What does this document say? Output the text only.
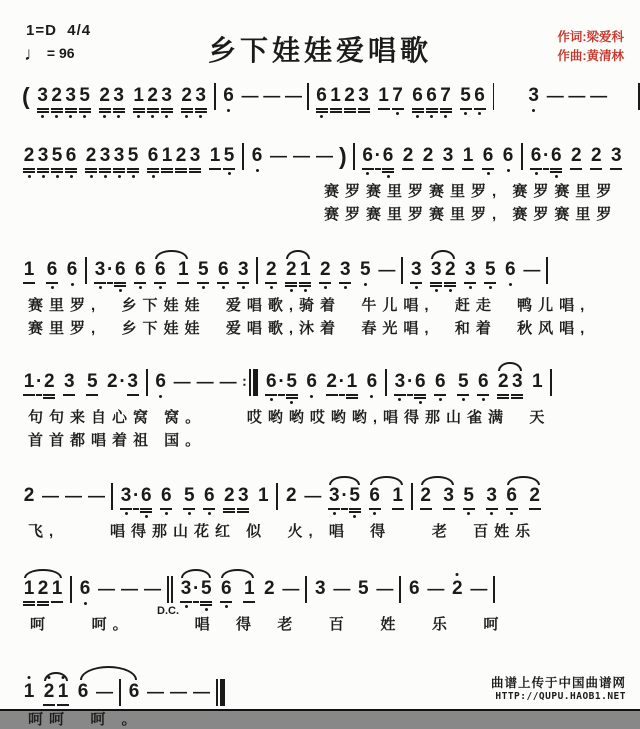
乡下娃娃爱唱歌
1=D 4/4
♩ = 96
作词:梁爱科
作曲:黄清林
( 3 2 3 5 2 3 1 2 3 2 3 6 — — — 6 1 2 3 1 7 6 6 7 5 6 3 — — —
2 3 5 6 2 3 3 5 6 1 2 3 1 5 6 — — — ) 6 · 6 2 2 3 1 6 6 6 · 6 2 2 3
赛罗赛里罗赛里罗, 赛罗赛里罗
赛罗赛里罗赛里罗, 赛罗赛里罗
1 6 6 3 · 6 6 6 1 5 6 3 2 2 1 2 3 5 — 3 3 2 3 5 6 —
赛里罗,  乡下娃娃  爱唱歌,骑着  牛儿唱,  赶走  鸭儿唱,
赛里罗,  乡下娃娃  爱唱歌,沐着  春光唱,  和着  秋风唱,
1 · 2 3 5 2 · 3 6 — — — ∶ 6 · 5 6 2 · 1 6 3 · 6 6 5 6 2 3 1
句句来自心窝 窝。    哎哟哟哎哟哟,唱得那山雀满  天
首首都唱着祖 国。
2 — — — 3 · 6 6 5 6 2 3 1 2 — 3 · 5 6 1 2 3 5 3 6 2
飞,     唱得那山花红 似  火, 唱  得    老  百姓乐
1 2 1 6 — — —
D.C.
3 · 5 6 1 2 — 3 — 5 — 6 — 2 —
呵    呵。      唱  得  老   百   姓   乐   呵
1 2 1 6 — 6 — — —
呵呵  呵 。
曲谱上传于中国曲谱网
HTTP://QUPU.HAOB1.NET
